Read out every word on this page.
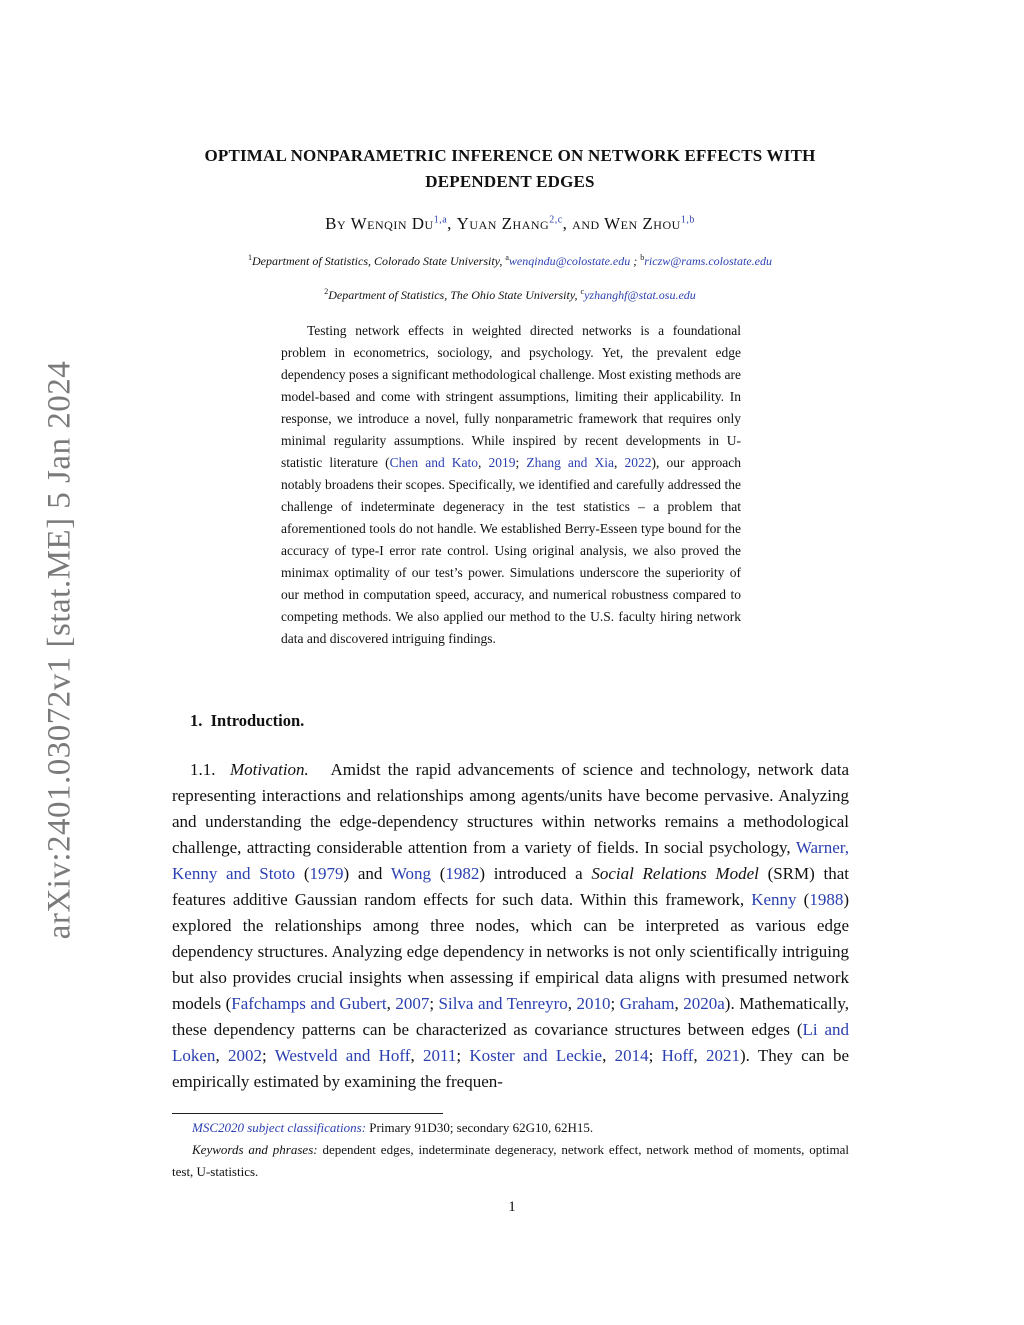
arXiv:2401.03072v1 [stat.ME] 5 Jan 2024
OPTIMAL NONPARAMETRIC INFERENCE ON NETWORK EFFECTS WITH
DEPENDENT EDGES
By Wenqin Du$^{1,a}$, Yuan Zhang$^{2,c}$, and Wen Zhou$^{1,b}$
$^1$Department of Statistics, Colorado State University, $^a$wenqindu@colostate.edu ; $^b$riczw@rams.colostate.edu
$^2$Department of Statistics, The Ohio State University, $^c$yzhanghf@stat.osu.edu

Testing network effects in weighted directed networks is a foundational problem in econometrics, sociology, and psychology. Yet, the prevalent edge dependency poses a significant methodological challenge. Most existing methods are model-based and come with stringent assumptions, limiting their applicability. In response, we introduce a novel, fully nonparametric framework that requires only minimal regularity assumptions. While inspired by recent developments in U-statistic literature (Chen and Kato, 2019; Zhang and Xia, 2022), our approach notably broadens their scopes. Specifically, we identified and carefully addressed the challenge of indeterminate degeneracy in the test statistics – a problem that aforementioned tools do not handle. We established Berry-Esseen type bound for the accuracy of type-I error rate control. Using original analysis, we also proved the minimax optimality of our test’s power. Simulations underscore the superiority of our method in computation speed, accuracy, and numerical robustness compared to competing methods. We also applied our method to the U.S. faculty hiring network data and discovered intriguing findings.

1. Introduction.

1.1. Motivation. Amidst the rapid advancements of science and technology, network data representing interactions and relationships among agents/units have become pervasive. Analyzing and understanding the edge-dependency structures within networks remains a methodological challenge, attracting considerable attention from a variety of fields. In social psychology, Warner, Kenny and Stoto (1979) and Wong (1982) introduced a Social Relations Model (SRM) that features additive Gaussian random effects for such data. Within this framework, Kenny (1988) explored the relationships among three nodes, which can be interpreted as various edge dependency structures. Analyzing edge dependency in networks is not only scientifically intriguing but also provides crucial insights when assessing if empirical data aligns with presumed network models (Fafchamps and Gubert, 2007; Silva and Tenreyro, 2010; Graham, 2020a). Mathematically, these dependency patterns can be characterized as covariance structures between edges (Li and Loken, 2002; Westveld and Hoff, 2011; Koster and Leckie, 2014; Hoff, 2021). They can be empirically estimated by examining the frequen-

MSC2020 subject classifications: Primary 91D30; secondary 62G10, 62H15.
Keywords and phrases: dependent edges, indeterminate degeneracy, network effect, network method of moments, optimal test, U-statistics.
1
